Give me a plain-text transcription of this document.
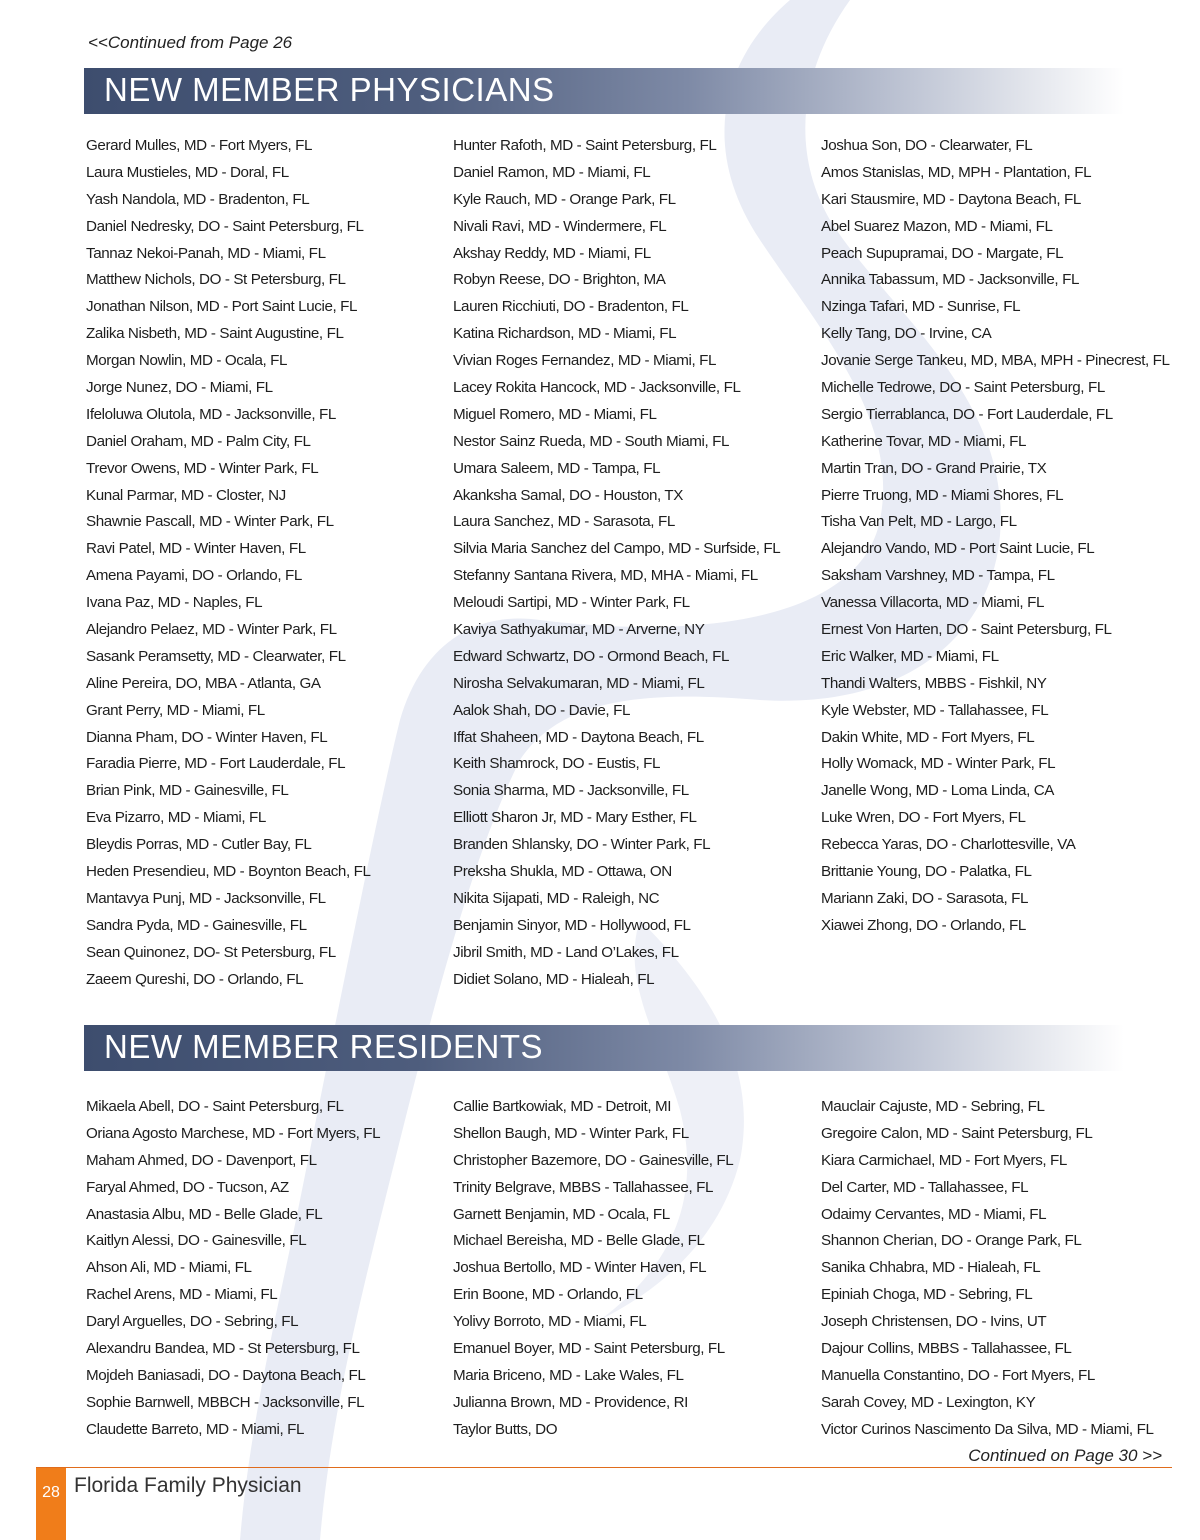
<<Continued from Page 26
NEW MEMBER PHYSICIANS
Gerard Mulles, MD - Fort Myers, FL
Laura Mustieles, MD - Doral, FL
Yash Nandola, MD - Bradenton, FL
Daniel Nedresky, DO - Saint Petersburg, FL
Tannaz Nekoi-Panah, MD - Miami, FL
Matthew Nichols, DO - St Petersburg, FL
Jonathan Nilson, MD - Port Saint Lucie, FL
Zalika Nisbeth, MD - Saint Augustine, FL
Morgan Nowlin, MD - Ocala, FL
Jorge Nunez, DO - Miami, FL
Ifeloluwa Olutola, MD - Jacksonville, FL
Daniel Oraham, MD - Palm City, FL
Trevor Owens, MD - Winter Park, FL
Kunal Parmar, MD - Closter, NJ
Shawnie Pascall, MD - Winter Park, FL
Ravi Patel, MD - Winter Haven, FL
Amena Payami, DO - Orlando, FL
Ivana Paz, MD - Naples, FL
Alejandro Pelaez, MD - Winter Park, FL
Sasank Peramsetty, MD - Clearwater, FL
Aline Pereira, DO, MBA - Atlanta, GA
Grant Perry, MD - Miami, FL
Dianna Pham, DO - Winter Haven, FL
Faradia Pierre, MD - Fort Lauderdale, FL
Brian Pink, MD - Gainesville, FL
Eva Pizarro, MD - Miami, FL
Bleydis Porras, MD - Cutler Bay, FL
Heden Presendieu, MD - Boynton Beach, FL
Mantavya Punj, MD - Jacksonville, FL
Sandra Pyda, MD - Gainesville, FL
Sean Quinonez, DO- St Petersburg, FL
Zaeem Qureshi, DO - Orlando, FL
Hunter Rafoth, MD - Saint Petersburg, FL
Daniel Ramon, MD - Miami, FL
Kyle Rauch, MD - Orange Park, FL
Nivali Ravi, MD - Windermere, FL
Akshay Reddy, MD - Miami, FL
Robyn Reese, DO - Brighton, MA
Lauren Ricchiuti, DO - Bradenton, FL
Katina Richardson, MD - Miami, FL
Vivian Roges Fernandez, MD - Miami, FL
Lacey Rokita Hancock, MD - Jacksonville, FL
Miguel Romero, MD - Miami, FL
Nestor Sainz Rueda, MD - South Miami, FL
Umara Saleem, MD - Tampa, FL
Akanksha Samal, DO - Houston, TX
Laura Sanchez, MD - Sarasota, FL
Silvia Maria Sanchez del Campo, MD - Surfside, FL
Stefanny Santana Rivera, MD, MHA - Miami, FL
Meloudi Sartipi, MD - Winter Park, FL
Kaviya Sathyakumar, MD - Arverne, NY
Edward Schwartz, DO - Ormond Beach, FL
Nirosha Selvakumaran, MD - Miami, FL
Aalok Shah, DO - Davie, FL
Iffat Shaheen, MD - Daytona Beach, FL
Keith Shamrock, DO - Eustis, FL
Sonia Sharma, MD - Jacksonville, FL
Elliott Sharon Jr, MD - Mary Esther, FL
Branden Shlansky, DO - Winter Park, FL
Preksha Shukla, MD - Ottawa, ON
Nikita Sijapati, MD - Raleigh, NC
Benjamin Sinyor, MD - Hollywood, FL
Jibril Smith, MD - Land O’Lakes, FL
Didiet Solano, MD - Hialeah, FL
Joshua Son, DO - Clearwater, FL
Amos Stanislas, MD, MPH - Plantation, FL
Kari Stausmire, MD - Daytona Beach, FL
Abel Suarez Mazon, MD - Miami, FL
Peach Supupramai, DO - Margate, FL
Annika Tabassum, MD - Jacksonville, FL
Nzinga Tafari, MD - Sunrise, FL
Kelly Tang, DO - Irvine, CA
Jovanie Serge Tankeu, MD, MBA, MPH - Pinecrest, FL
Michelle Tedrowe, DO - Saint Petersburg, FL
Sergio Tierrablanca, DO - Fort Lauderdale, FL
Katherine Tovar, MD - Miami, FL
Martin Tran, DO - Grand Prairie, TX
Pierre Truong, MD - Miami Shores, FL
Tisha Van Pelt, MD - Largo, FL
Alejandro Vando, MD - Port Saint Lucie, FL
Saksham Varshney, MD - Tampa, FL
Vanessa Villacorta, MD - Miami, FL
Ernest Von Harten, DO - Saint Petersburg, FL
Eric Walker, MD - Miami, FL
Thandi Walters, MBBS - Fishkil, NY
Kyle Webster, MD - Tallahassee, FL
Dakin White, MD - Fort Myers, FL
Holly Womack, MD - Winter Park, FL
Janelle Wong, MD - Loma Linda, CA
Luke Wren, DO - Fort Myers, FL
Rebecca Yaras, DO - Charlottesville, VA
Brittanie Young, DO - Palatka, FL
Mariann Zaki, DO - Sarasota, FL
Xiawei Zhong, DO - Orlando, FL
NEW MEMBER RESIDENTS
Mikaela Abell, DO - Saint Petersburg, FL
Oriana Agosto Marchese, MD - Fort Myers, FL
Maham Ahmed, DO - Davenport, FL
Faryal Ahmed, DO - Tucson, AZ
Anastasia Albu, MD - Belle Glade, FL
Kaitlyn Alessi, DO - Gainesville, FL
Ahson Ali, MD - Miami, FL
Rachel Arens, MD - Miami, FL
Daryl Arguelles, DO - Sebring, FL
Alexandru Bandea, MD - St Petersburg, FL
Mojdeh Baniasadi, DO - Daytona Beach, FL
Sophie Barnwell, MBBCH - Jacksonville, FL
Claudette Barreto, MD - Miami, FL
Callie Bartkowiak, MD - Detroit, MI
Shellon Baugh, MD - Winter Park, FL
Christopher Bazemore, DO - Gainesville, FL
Trinity Belgrave, MBBS - Tallahassee, FL
Garnett Benjamin, MD - Ocala, FL
Michael Bereisha, MD - Belle Glade, FL
Joshua Bertollo, MD - Winter Haven, FL
Erin Boone, MD - Orlando, FL
Yolivy Borroto, MD - Miami, FL
Emanuel Boyer, MD - Saint Petersburg, FL
Maria Briceno, MD - Lake Wales, FL
Julianna Brown, MD - Providence, RI
Taylor Butts, DO
Mauclair Cajuste, MD - Sebring, FL
Gregoire Calon, MD - Saint Petersburg, FL
Kiara Carmichael, MD - Fort Myers, FL
Del Carter, MD - Tallahassee, FL
Odaimy Cervantes, MD - Miami, FL
Shannon Cherian, DO - Orange Park, FL
Sanika Chhabra, MD - Hialeah, FL
Epiniah Choga, MD - Sebring, FL
Joseph Christensen, DO - Ivins, UT
Dajour Collins, MBBS - Tallahassee, FL
Manuella Constantino, DO - Fort Myers, FL
Sarah Covey, MD - Lexington, KY
Victor Curinos Nascimento Da Silva, MD - Miami, FL
Continued on Page 30 >>
28 Florida Family Physician
